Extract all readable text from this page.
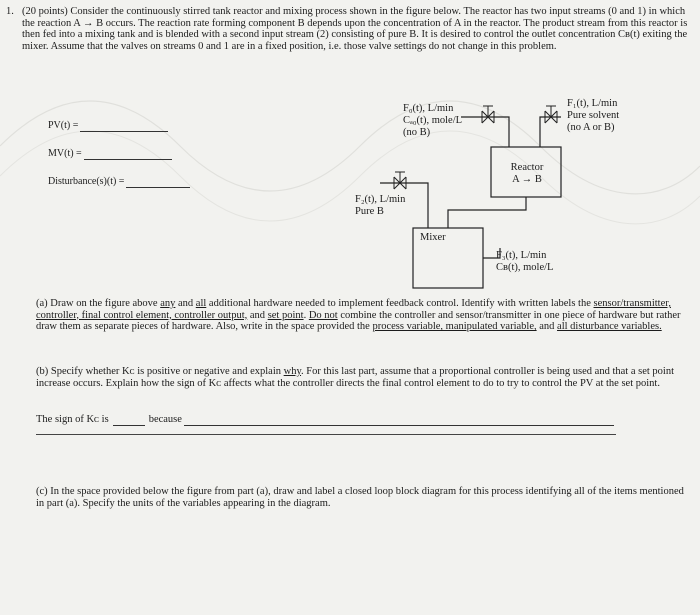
1. (20 points) Consider the continuously stirred tank reactor and mixing process shown in the figure below. The reactor has two input streams (0 and 1) in which the reaction A → B occurs. The reaction rate forming component B depends upon the concentration of A in the reactor. The product stream from this reactor is then fed into a mixing tank and is blended with a second input stream (2) consisting of pure B. It is desired to control the outlet concentration Cʙ(t) exiting the mixer. Assume that the valves on streams 0 and 1 are in a fixed position, i.e. those valve settings do not change in this problem.
PV(t) =
MV(t) =
Disturbance(s)(t) =
F₀(t), L/min
Cₐ₀(t), mole/L
(no B)
F₁(t), L/min
Pure solvent
(no A or B)
F₂(t), L/min
Pure B
Reactor
A → B
Mixer
F₃(t), L/min
Cʙ(t), mole/L
(a) Draw on the figure above any and all additional hardware needed to implement feedback control. Identify with written labels the sensor/transmitter, controller, final control element, controller output, and set point. Do not combine the controller and sensor/transmitter in one piece of hardware but rather draw them as separate pieces of hardware. Also, write in the space provided the process variable, manipulated variable, and all disturbance variables.
(b) Specify whether Kᴄ is positive or negative and explain why. For this last part, assume that a proportional controller is being used and that a set point increase occurs. Explain how the sign of Kᴄ affects what the controller directs the final control element to do to try to control the PV at the set point.
The sign of Kᴄ is	because
(c) In the space provided below the figure from part (a), draw and label a closed loop block diagram for this process identifying all of the items mentioned in part (a). Specify the units of the variables appearing in the diagram.
